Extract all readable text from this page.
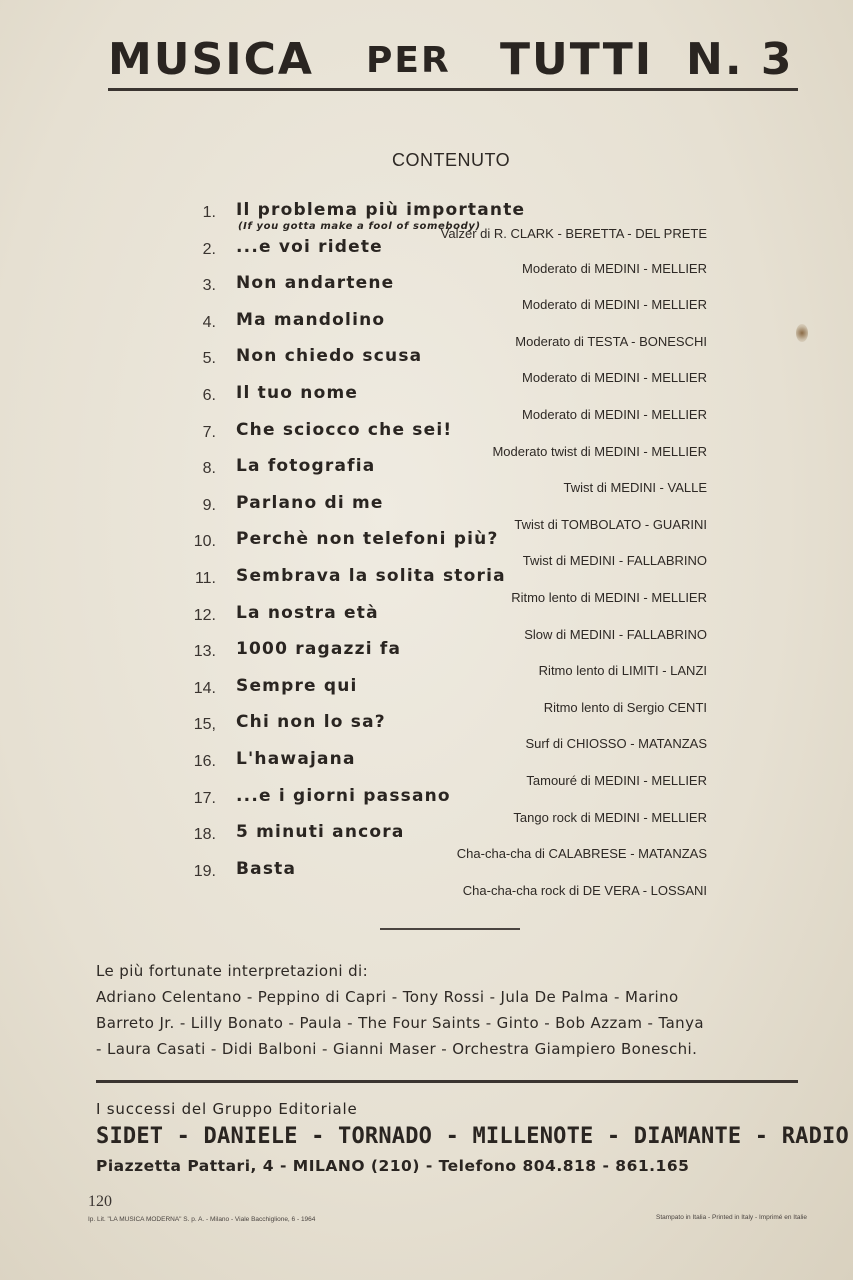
MUSICA PER TUTTI N. 3
CONTENUTO
1. Il problema più importante
(If you gotta make a fool of somebody)
Valzer di R. CLARK - BERETTA - DEL PRETE
2. ...e voi ridete
Moderato di MEDINI - MELLIER
3. Non andartene
Moderato di MEDINI - MELLIER
4. Ma mandolino
Moderato di TESTA - BONESCHI
5. Non chiedo scusa
Moderato di MEDINI - MELLIER
6. Il tuo nome
Moderato di MEDINI - MELLIER
7. Che sciocco che sei!
Moderato twist di MEDINI - MELLIER
8. La fotografia
Twist di MEDINI - VALLE
9. Parlano di me
Twist di TOMBOLATO - GUARINI
10. Perchè non telefoni più?
Twist di MEDINI - FALLABRINO
11. Sembrava la solita storia
Ritmo lento di MEDINI - MELLIER
12. La nostra età
Slow di MEDINI - FALLABRINO
13. 1000 ragazzi fa
Ritmo lento di LIMITI - LANZI
14. Sempre qui
Ritmo lento di Sergio CENTI
15, Chi non lo sa?
Surf di CHIOSSO - MATANZAS
16. L'hawajana
Tamouré di MEDINI - MELLIER
17. ...e i giorni passano
Tango rock di MEDINI - MELLIER
18. 5 minuti ancora
Cha-cha-cha di CALABRESE - MATANZAS
19. Basta
Cha-cha-cha rock di DE VERA - LOSSANI
Le più fortunate interpretazioni di:
Adriano Celentano - Peppino di Capri - Tony Rossi - Jula De Palma - Marino
Barreto Jr. - Lilly Bonato - Paula - The Four Saints - Ginto - Bob Azzam - Tanya
- Laura Casati - Didi Balboni - Gianni Maser - Orchestra Giampiero Boneschi.
I successi del Gruppo Editoriale
SIDET - DANIELE - TORNADO - MILLENOTE - DIAMANTE - RADIO
Piazzetta Pattari, 4 - MILANO (210) - Telefono 804.818 - 861.165
120
Ip. Lit. "LA MUSICA MODERNA" S. p. A. - Milano - Viale Bacchiglione, 6 - 1964	Stampato in Italia - Printed in Italy - Imprimé en Italie
